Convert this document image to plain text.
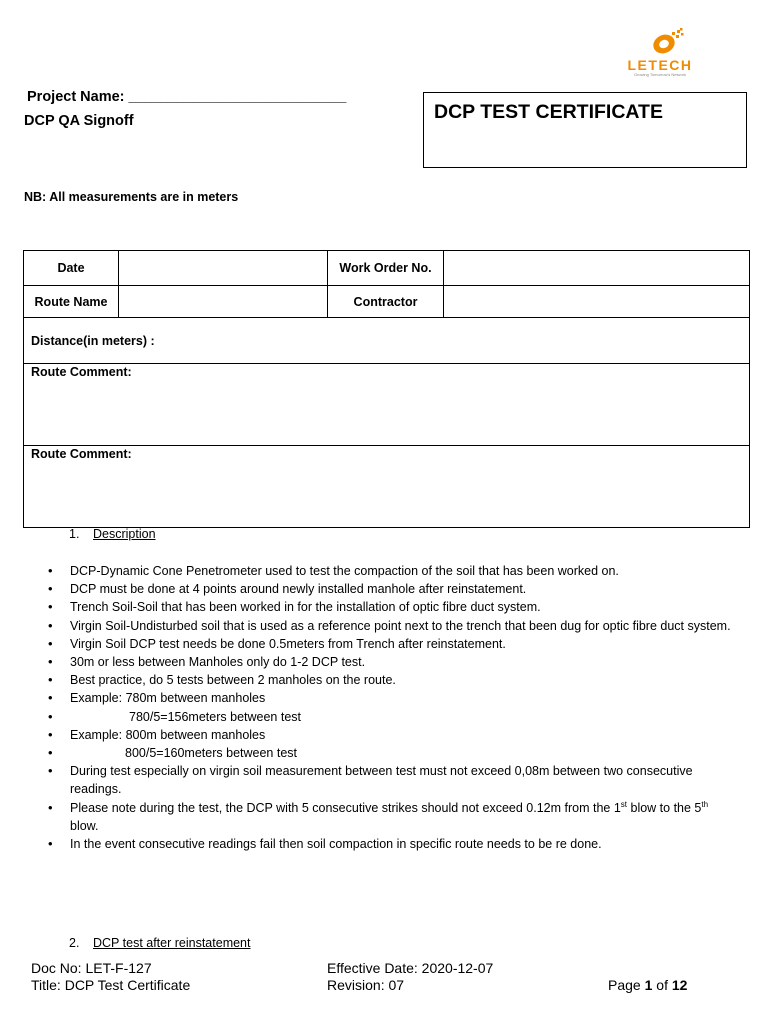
LETECH
Growing Tomorrow's Network
Project Name: ___________________________
DCP QA Signoff	DCP TEST CERTIFICATE
NB: All measurements are in meters
Date		Work Order No.	
Route Name		Contractor	
Distance(in meters) :			
Route Comment:			
Route Comment:			
1. Description
• DCP-Dynamic Cone Penetrometer used to test the compaction of the soil that has been worked on.
• DCP must be done at 4 points around newly installed manhole after reinstatement.
• Trench Soil-Soil that has been worked in for the installation of optic fibre duct system.
• Virgin Soil-Undisturbed soil that is used as a reference point next to the trench that been dug for optic fibre duct system.
• Virgin Soil DCP test needs be done 0.5meters from Trench after reinstatement.
• 30m or less between Manholes only do 1-2 DCP test.
• Best practice, do 5 tests between 2 manholes on the route.
• Example: 780m between manholes
• 780/5=156meters between test
• Example: 800m between manholes
• 800/5=160meters between test
• During test especially on virgin soil measurement between test must not exceed 0,08m between two consecutive readings.
• Please note during the test, the DCP with 5 consecutive strikes should not exceed 0.12m from the 1st blow to the 5th blow.
• In the event consecutive readings fail then soil compaction in specific route needs to be re done.
2. DCP test after reinstatement
Doc No: LET-F-127
Title: DCP Test Certificate
Effective Date: 2020-12-07
Revision: 07	Page 1 of 12
